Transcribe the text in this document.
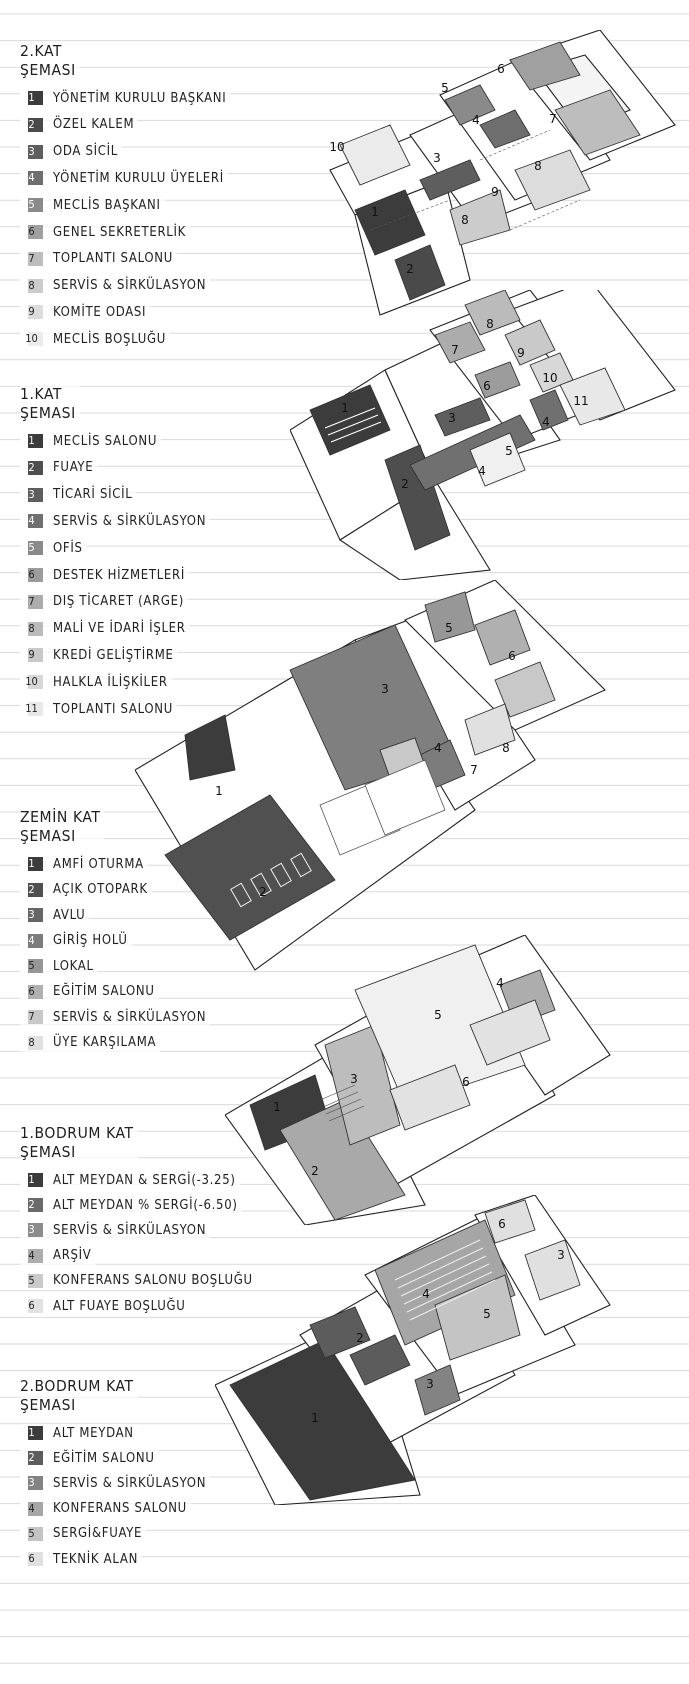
2.KAT
ŞEMASI
1	YÖNETİM KURULU BAŞKANI
2	ÖZEL KALEM
3	ODA SİCİL
4	YÖNETİM KURULU ÜYELERİ
5	MECLİS BAŞKANI
6	GENEL SEKRETERLİK
7	TOPLANTI SALONU
8	SERVİS & SİRKÜLASYON
9	KOMİTE ODASI
10	MECLİS BOŞLUĞU
1.KAT
ŞEMASI
1	MECLİS SALONU
2	FUAYE
3	TİCARİ SİCİL
4	SERVİS & SİRKÜLASYON
5	OFİS
6	DESTEK HİZMETLERİ
7	DIŞ TİCARET (ARGE)
8	MALİ VE İDARİ İŞLER
9	KREDİ GELİŞTİRME
10	HALKLA İLİŞKİLER
11	TOPLANTI SALONU
ZEMİN KAT
ŞEMASI
1	AMFİ OTURMA
2	AÇIK OTOPARK
3	AVLU
4	GİRİŞ HOLÜ
5	LOKAL
6	EĞİTİM SALONU
7	SERVİS & SİRKÜLASYON
8	ÜYE KARŞILAMA
1.BODRUM KAT
ŞEMASI
1	ALT MEYDAN & SERGİ(-3.25)
2	ALT MEYDAN % SERGİ(-6.50)
3	SERVİS & SİRKÜLASYON
4	ARŞİV
5	KONFERANS SALONU BOŞLUĞU
6	ALT FUAYE BOŞLUĞU
2.BODRUM KAT
ŞEMASI
1	ALT MEYDAN
2	EĞİTİM SALONU
3	SERVİS & SİRKÜLASYON
4	KONFERANS SALONU
5	SERGİ&FUAYE
6	TEKNİK ALAN
1
2
3
4
5
6
7
8
8
9
10
1
2
3
4
4
5
6
7
8
9
10
11
1
2
3
4
5
6
7
8
1
2
3
4
5
6
1
2
3
3
4
5
6
